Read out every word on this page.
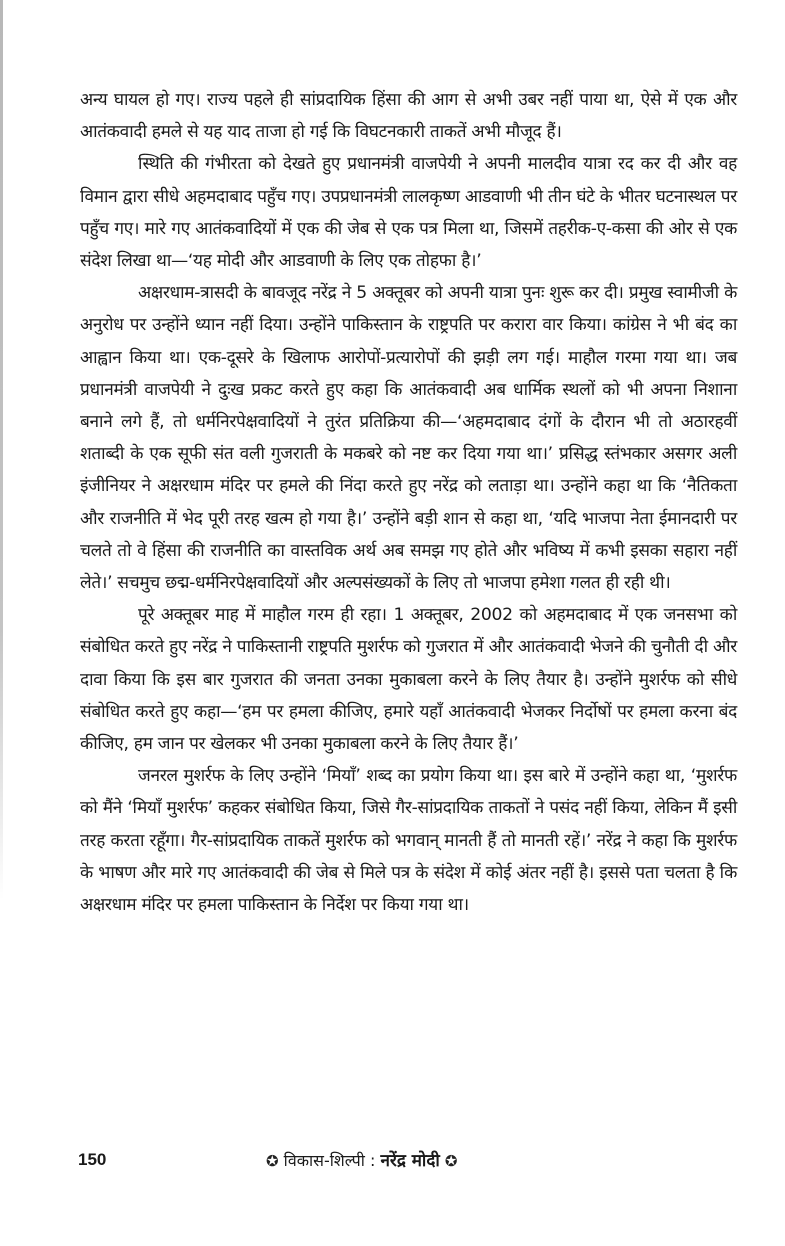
अन्य घायल हो गए। राज्य पहले ही सांप्रदायिक हिंसा की आग से अभी उबर नहीं पाया था, ऐसे में एक और आतंकवादी हमले से यह याद ताजा हो गई कि विघटनकारी ताकतें अभी मौजूद हैं।

स्थिति की गंभीरता को देखते हुए प्रधानमंत्री वाजपेयी ने अपनी मालदीव यात्रा रद कर दी और वह विमान द्वारा सीधे अहमदाबाद पहुँच गए। उपप्रधानमंत्री लालकृष्ण आडवाणी भी तीन घंटे के भीतर घटनास्थल पर पहुँच गए। मारे गए आतंकवादियों में एक की जेब से एक पत्र मिला था, जिसमें तहरीक-ए-कसा की ओर से एक संदेश लिखा था—‘यह मोदी और आडवाणी के लिए एक तोहफा है।’

अक्षरधाम-त्रासदी के बावजूद नरेंद्र ने 5 अक्तूबर को अपनी यात्रा पुनः शुरू कर दी। प्रमुख स्वामीजी के अनुरोध पर उन्होंने ध्यान नहीं दिया। उन्होंने पाकिस्तान के राष्ट्रपति पर करारा वार किया। कांग्रेस ने भी बंद का आह्वान किया था। एक-दूसरे के खिलाफ आरोपों-प्रत्यारोपों की झड़ी लग गई। माहौल गरमा गया था। जब प्रधानमंत्री वाजपेयी ने दुःख प्रकट करते हुए कहा कि आतंकवादी अब धार्मिक स्थलों को भी अपना निशाना बनाने लगे हैं, तो धर्मनिरपेक्षवादियों ने तुरंत प्रतिक्रिया की—‘अहमदाबाद दंगों के दौरान भी तो अठारहवीं शताब्दी के एक सूफी संत वली गुजराती के मकबरे को नष्ट कर दिया गया था।’ प्रसिद्ध स्तंभकार असगर अली इंजीनियर ने अक्षरधाम मंदिर पर हमले की निंदा करते हुए नरेंद्र को लताड़ा था। उन्होंने कहा था कि ‘नैतिकता और राजनीति में भेद पूरी तरह खत्म हो गया है।’ उन्होंने बड़ी शान से कहा था, ‘यदि भाजपा नेता ईमानदारी पर चलते तो वे हिंसा की राजनीति का वास्तविक अर्थ अब समझ गए होते और भविष्य में कभी इसका सहारा नहीं लेते।’ सचमुच छद्म-धर्मनिरपेक्षवादियों और अल्पसंख्यकों के लिए तो भाजपा हमेशा गलत ही रही थी।

पूरे अक्तूबर माह में माहौल गरम ही रहा। 1 अक्तूबर, 2002 को अहमदाबाद में एक जनसभा को संबोधित करते हुए नरेंद्र ने पाकिस्तानी राष्ट्रपति मुशर्रफ को गुजरात में और आतंकवादी भेजने की चुनौती दी और दावा किया कि इस बार गुजरात की जनता उनका मुकाबला करने के लिए तैयार है। उन्होंने मुशर्रफ को सीधे संबोधित करते हुए कहा—‘हम पर हमला कीजिए, हमारे यहाँ आतंकवादी भेजकर निर्दोषों पर हमला करना बंद कीजिए, हम जान पर खेलकर भी उनका मुकाबला करने के लिए तैयार हैं।’

जनरल मुशर्रफ के लिए उन्होंने ‘मियाँ’ शब्द का प्रयोग किया था। इस बारे में उन्होंने कहा था, ‘मुशर्रफ को मैंने ‘मियाँ मुशर्रफ’ कहकर संबोधित किया, जिसे गैर-सांप्रदायिक ताकतों ने पसंद नहीं किया, लेकिन मैं इसी तरह करता रहूँगा। गैर-सांप्रदायिक ताकतें मुशर्रफ को भगवान् मानती हैं तो मानती रहें।’ नरेंद्र ने कहा कि मुशर्रफ के भाषण और मारे गए आतंकवादी की जेब से मिले पत्र के संदेश में कोई अंतर नहीं है। इससे पता चलता है कि अक्षरधाम मंदिर पर हमला पाकिस्तान के निर्देश पर किया गया था।

150	✪ विकास-शिल्पी : नरेंद्र मोदी ✪
